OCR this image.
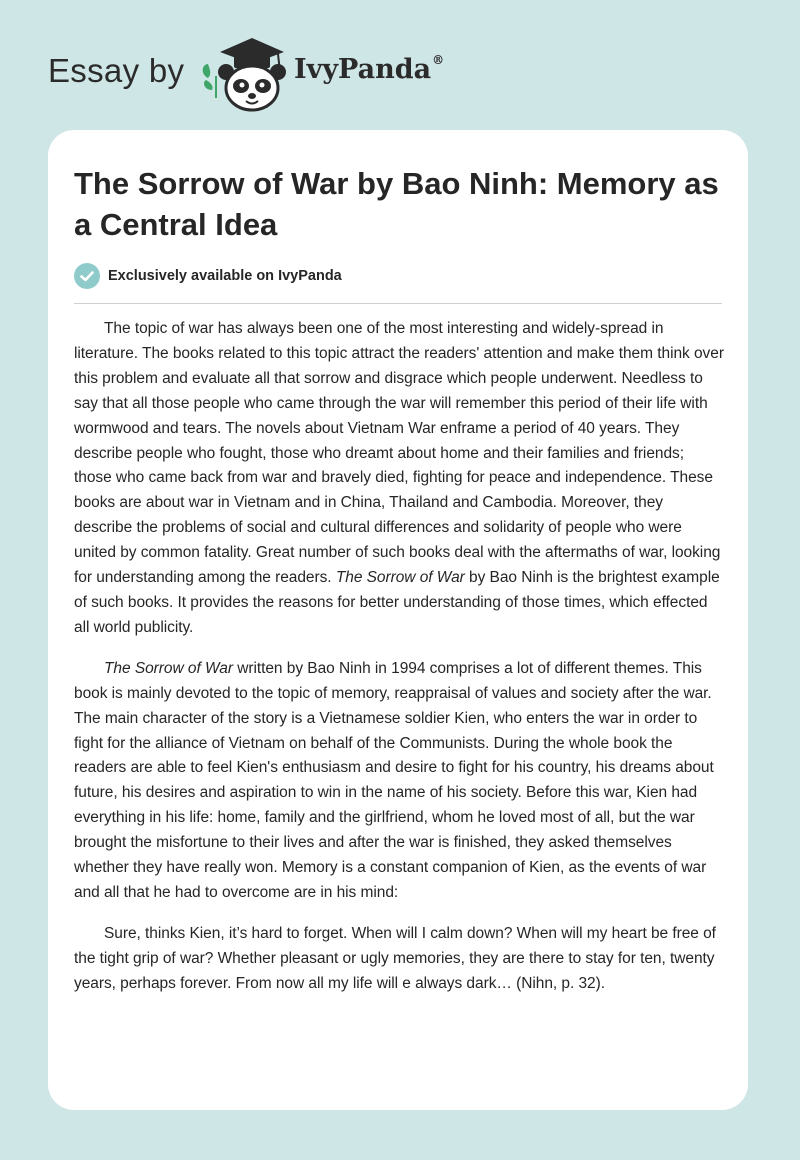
Essay by	IvyPanda®
The Sorrow of War by Bao Ninh: Memory as a Central Idea
Exclusively available on IvyPanda

The topic of war has always been one of the most interesting and widely-spread in literature. The books related to this topic attract the readers' attention and make them think over this problem and evaluate all that sorrow and disgrace which people underwent. Needless to say that all those people who came through the war will remember this period of their life with wormwood and tears. The novels about Vietnam War enframe a period of 40 years. They describe people who fought, those who dreamt about home and their families and friends; those who came back from war and bravely died, fighting for peace and independence. These books are about war in Vietnam and in China, Thailand and Cambodia. Moreover, they describe the problems of social and cultural differences and solidarity of people who were united by common fatality. Great number of such books deal with the aftermaths of war, looking for understanding among the readers. The Sorrow of War by Bao Ninh is the brightest example of such books. It provides the reasons for better understanding of those times, which effected all world publicity.

The Sorrow of War written by Bao Ninh in 1994 comprises a lot of different themes. This book is mainly devoted to the topic of memory, reappraisal of values and society after the war. The main character of the story is a Vietnamese soldier Kien, who enters the war in order to fight for the alliance of Vietnam on behalf of the Communists. During the whole book the readers are able to feel Kien's enthusiasm and desire to fight for his country, his dreams about future, his desires and aspiration to win in the name of his society. Before this war, Kien had everything in his life: home, family and the girlfriend, whom he loved most of all, but the war brought the misfortune to their lives and after the war is finished, they asked themselves whether they have really won. Memory is a constant companion of Kien, as the events of war and all that he had to overcome are in his mind:

Sure, thinks Kien, it’s hard to forget. When will I calm down? When will my heart be free of the tight grip of war? Whether pleasant or ugly memories, they are there to stay for ten, twenty years, perhaps forever. From now all my life will e always dark… (Nihn, p. 32).
